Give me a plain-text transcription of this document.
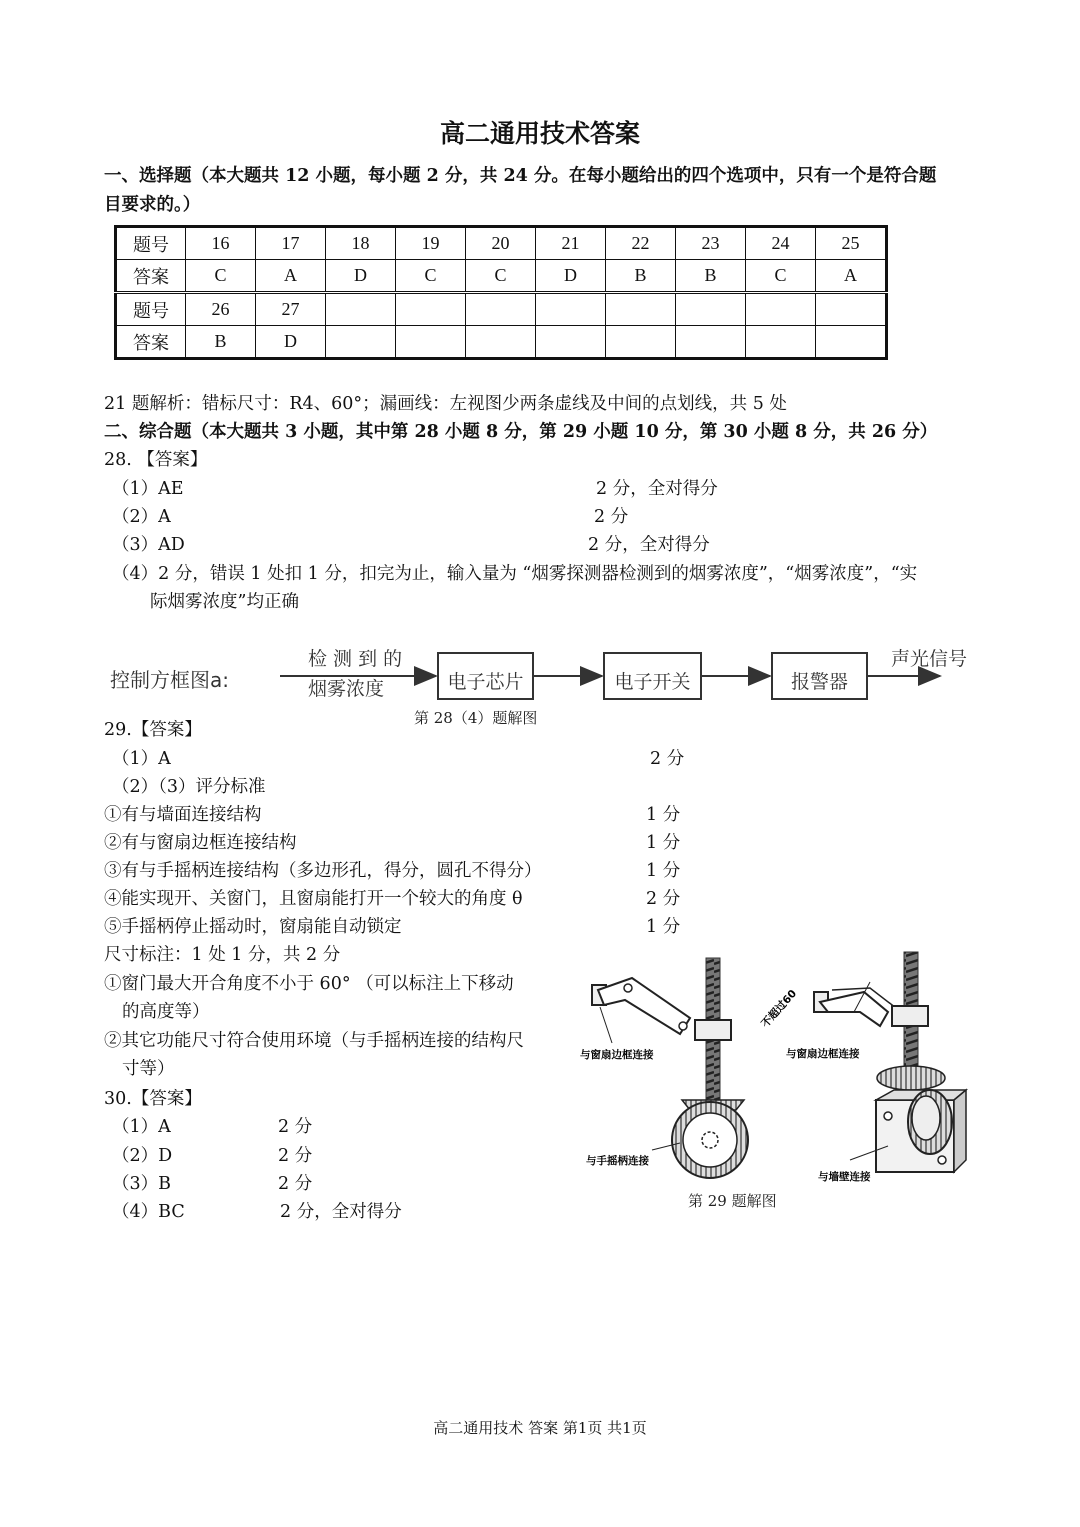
高二通用技术答案
一、选择题（本大题共 12 小题，每小题 2 分，共 24 分。在每小题给出的四个选项中，只有一个是符合题
目要求的。）
题号	16	17	18	19	20	21	22	23	24	25
答案	C	A	D	C	C	D	B	B	C	A
题号	26	27								
答案	B	D								
21 题解析：错标尺寸：R4、60°；漏画线：左视图少两条虚线及中间的点划线，共 5 处
二、综合题（本大题共 3 小题，其中第 28 小题 8 分，第 29 小题 10 分，第 30 小题 8 分，共 26 分）
28. 【答案】
（1）AE	2 分，全对得分
（2）A	2 分
（3）AD	2 分，全对得分
（4）2 分，错误 1 处扣 1 分，扣完为止，输入量为 “烟雾探测器检测到的烟雾浓度”，“烟雾浓度”，“实
际烟雾浓度”均正确
控制方框图a:
检 测 到 的
烟雾浓度	电子芯片	电子开关	报警器
声光信号
第 28（4）题解图
29.【答案】
（1）A	2 分
（2）（3）评分标准
①有与墙面连接结构	1 分
②有与窗扇边框连接结构	1 分
③有与手摇柄连接结构（多边形孔，得分，圆孔不得分）	1 分
④能实现开、关窗门，且窗扇能打开一个较大的角度 θ	2 分
⑤手摇柄停止摇动时，窗扇能自动锁定	1 分
尺寸标注：1 处 1 分，共 2 分
①窗门最大开合角度不小于 60° （可以标注上下移动
的高度等）
②其它功能尺寸符合使用环境（与手摇柄连接的结构尺
寸等）
与窗扇边框连接
与手摇柄连接
不超过60
与窗扇边框连接
与墙壁连接
第 29 题解图
30.【答案】
（1）A	2 分
（2）D	2 分
（3）B	2 分
（4）BC	2 分，全对得分
高二通用技术 答案 第1页 共1页
